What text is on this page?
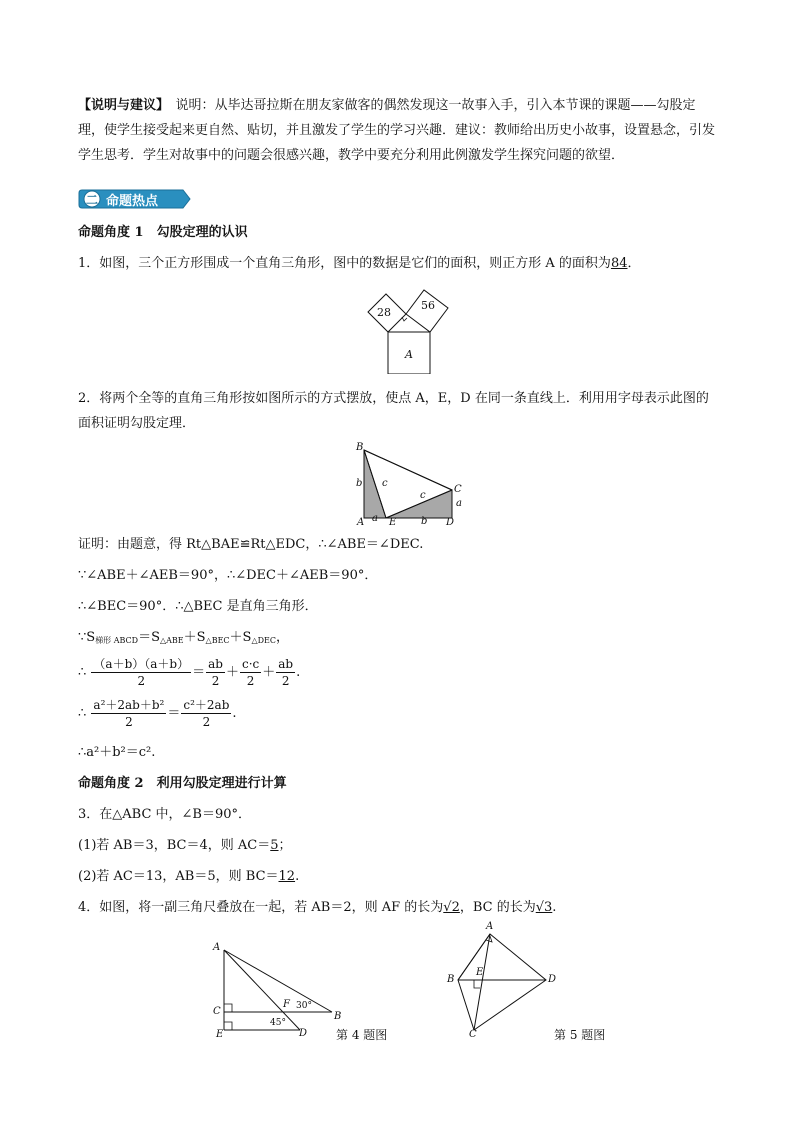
【说明与建议】　说明：从毕达哥拉斯在朋友家做客的偶然发现这一故事入手，引入本节课的课题——勾股定理，使学生接受起来更自然、贴切，并且激发了学生的学习兴趣．建议：教师给出历史小故事，设置悬念，引发学生思考．学生对故事中的问题会很感兴趣，教学中要充分利用此例激发学生探究问题的欲望．
二 命题热点
命题角度 1　勾股定理的认识
1．如图，三个正方形围成一个直角三角形，图中的数据是它们的面积，则正方形 A 的面积为84．
28
56
A
2．将两个全等的直角三角形按如图所示的方式摆放，使点 A，E，D 在同一条直线上．利用用字母表示此图的面积证明勾股定理．
B
A E	D
C
a
a
b
b
c
c
证明：由题意，得 Rt△BAE≌Rt△EDC，∴∠ABE＝∠DEC.
∵∠ABE＋∠AEB＝90°，∴∠DEC＋∠AEB＝90°．
∴∠BEC＝90°．∴△BEC 是直角三角形．
$\because S_{梯形 ABCD}=S_{\triangle ABE}+S_{\triangle BEC}+S_{\triangle DEC}$，
∴ $\frac{(a+b)(a+b)}{2} = \frac{ab}{2} + \frac{c\cdot c}{2} + \frac{ab}{2}$ .
∴ $\frac{\text{a²＋2ab＋b²}}{2} = \frac{\text{c²＋2ab}}{2}$ .
∴a²＋b²＝c².
命题角度 2　利用勾股定理进行计算
3．在△ABC 中，∠B＝90°．
(1)若 AB＝3，BC＝4，则 AC＝5；
(2)若 AC＝13，AB＝5，则 BC＝12.
4．如图，将一副三角尺叠放在一起，若 AB＝2，则 AF 的长为√2，BC 的长为√3.
A
C
E
F
B
D
30°
45°
第 4 题图
A
B
E
D
C	第 5 题图
